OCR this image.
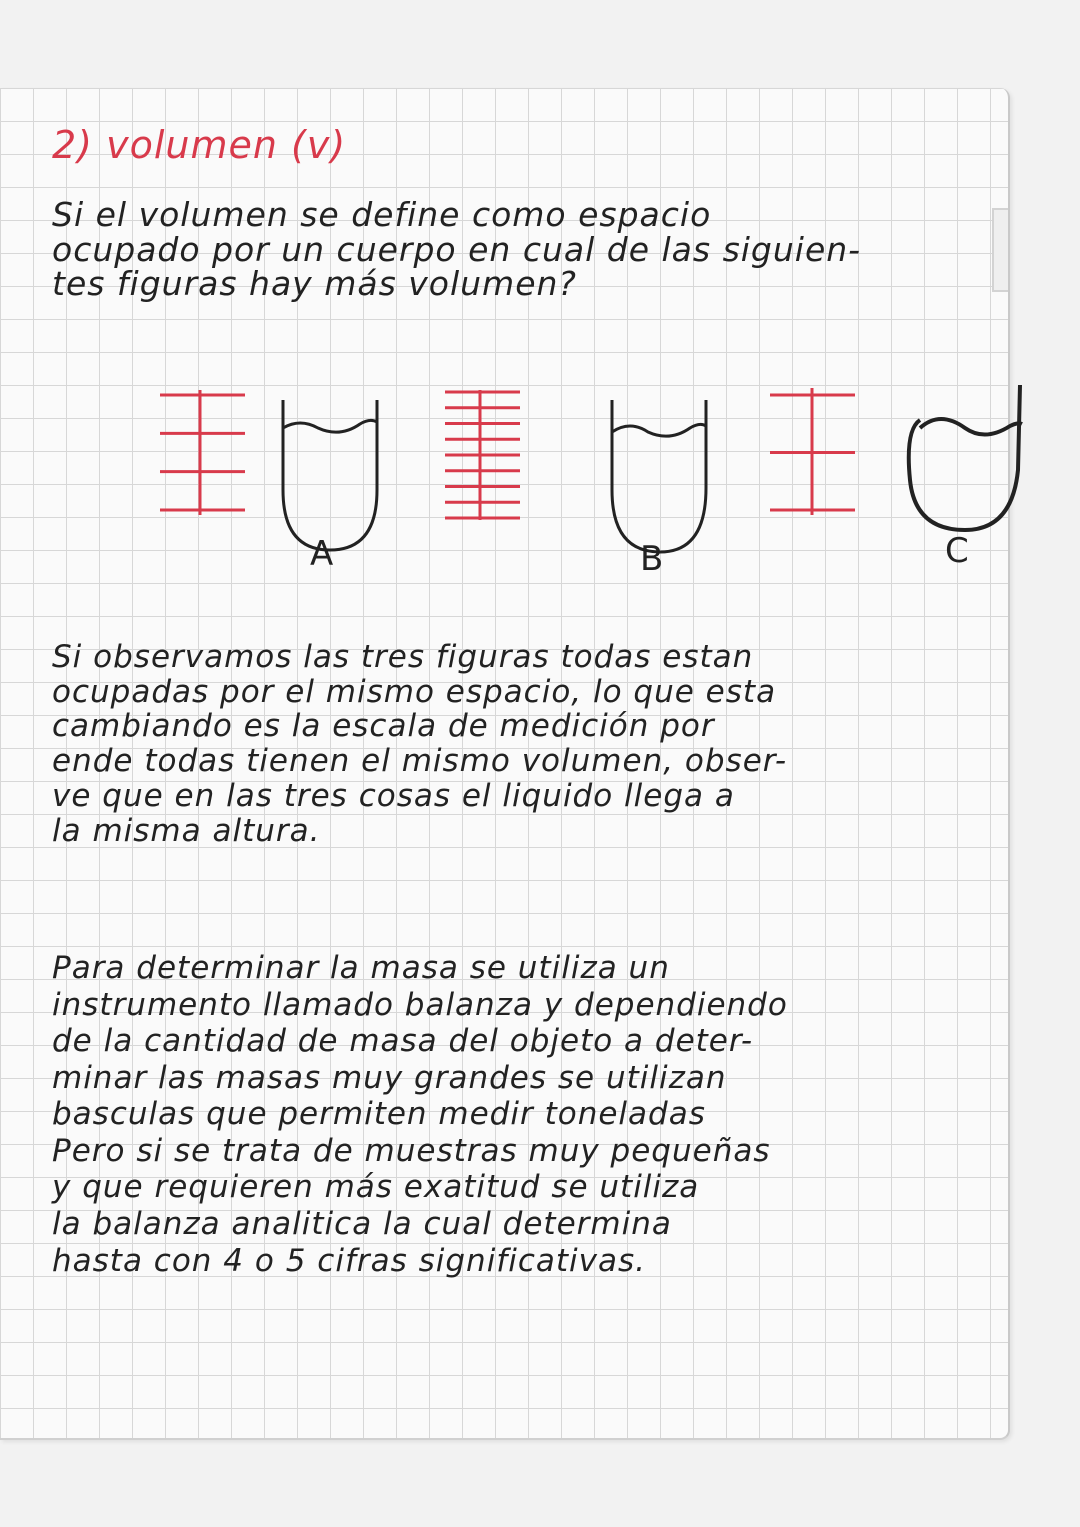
2) volumen (v)

Si el volumen se define como espacio
ocupado por un cuerpo en cual de las siguien-
tes figuras hay más volumen?

A	B	C

Si observamos las tres figuras todas estan
ocupadas por el mismo espacio, lo que esta
cambiando es la escala de medición por
ende todas tienen el mismo volumen, obser-
ve que en las tres cosas el liquido llega a
la misma altura.

Para determinar la masa se utiliza un
instrumento llamado balanza y dependiendo
de la cantidad de masa del objeto a deter-
minar las masas muy grandes se utilizan
basculas que permiten medir toneladas
Pero si se trata de muestras muy pequeñas
y que requieren más exatitud se utiliza
la balanza analitica la cual determina
hasta con 4 o 5 cifras significativas.
